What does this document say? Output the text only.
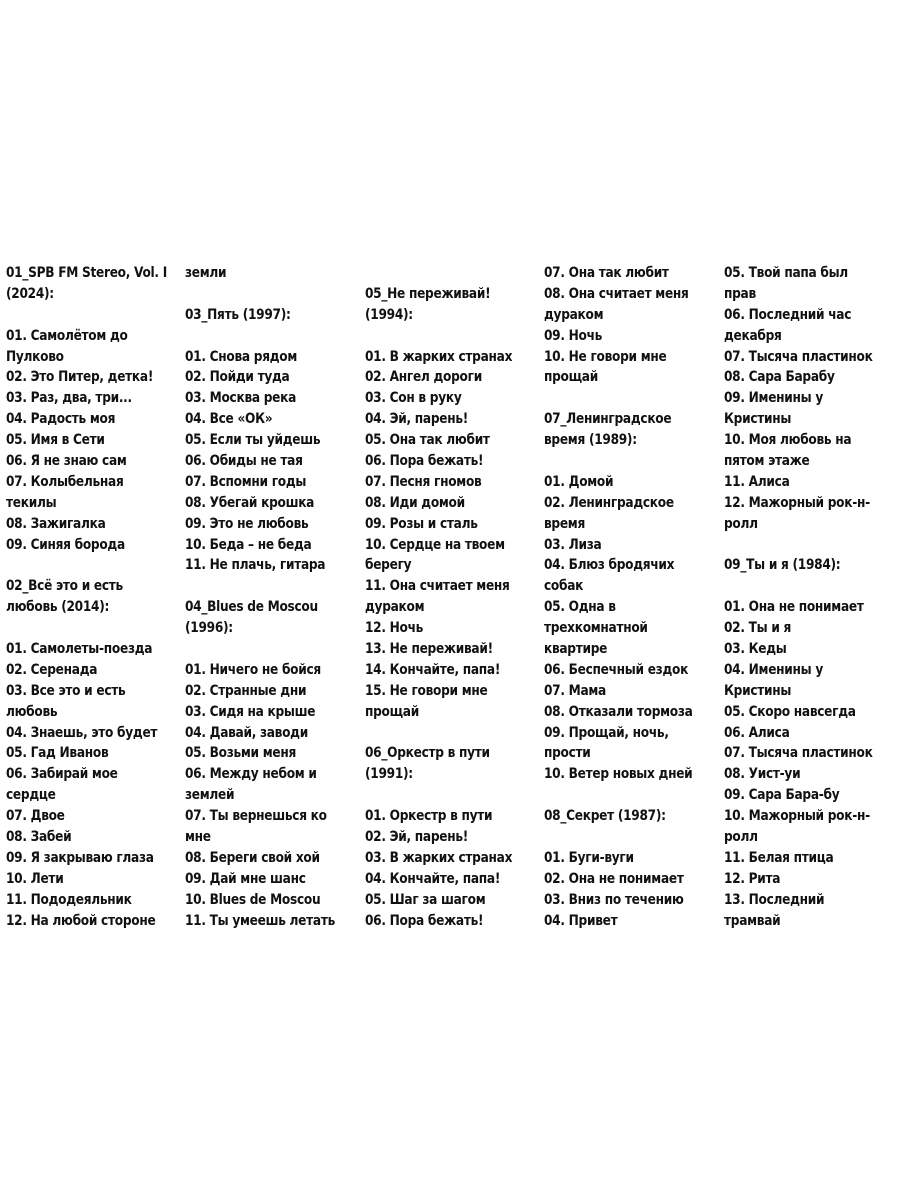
01_SPB FM Stereo, Vol. I
(2024):
01. Самолётом до
Пулково
02. Это Питер, детка!
03. Раз, два, три...
04. Радость моя
05. Имя в Сети
06. Я не знаю сам
07. Колыбельная
текилы
08. Зажигалка
09. Синяя борода
02_Всё это и есть
любовь (2014):
01. Самолеты-поезда
02. Серенада
03. Все это и есть
любовь
04. Знаешь, это будет
05. Гад Иванов
06. Забирай мое
сердце
07. Двое
08. Забей
09. Я закрываю глаза
10. Лети
11. Пододеяльник
12. На любой стороне
земли
03_Пять (1997):
01. Снова рядом
02. Пойди туда
03. Москва река
04. Все «ОК»
05. Если ты уйдешь
06. Обиды не тая
07. Вспомни годы
08. Убегай крошка
09. Это не любовь
10. Беда – не беда
11. Не плачь, гитара
04_Blues de Moscou
(1996):
01. Ничего не бойся
02. Странные дни
03. Сидя на крыше
04. Давай, заводи
05. Возьми меня
06. Между небом и
землей
07. Ты вернешься ко
мне
08. Береги свой хой
09. Дай мне шанс
10. Blues de Moscou
11. Ты умеешь летать
05_Не переживай!
(1994):
01. В жарких странах
02. Ангел дороги
03. Сон в руку
04. Эй, парень!
05. Она так любит
06. Пора бежать!
07. Песня гномов
08. Иди домой
09. Розы и сталь
10. Сердце на твоем
берегу
11. Она считает меня
дураком
12. Ночь
13. Не переживай!
14. Кончайте, папа!
15. Не говори мне
прощай
06_Оркестр в пути
(1991):
01. Оркестр в пути
02. Эй, парень!
03. В жарких странах
04. Кончайте, папа!
05. Шаг за шагом
06. Пора бежать!
07. Она так любит
08. Она считает меня
дураком
09. Ночь
10. Не говори мне
прощай
07_Ленинградское
время (1989):
01. Домой
02. Ленинградское
время
03. Лиза
04. Блюз бродячих
собак
05. Одна в
трехкомнатной
квартире
06. Беспечный ездок
07. Мама
08. Отказали тормоза
09. Прощай, ночь,
прости
10. Ветер новых дней
08_Секрет (1987):
01. Буги-вуги
02. Она не понимает
03. Вниз по течению
04. Привет
05. Твой папа был
прав
06. Последний час
декабря
07. Тысяча пластинок
08. Сара Барабу
09. Именины у
Кристины
10. Моя любовь на
пятом этаже
11. Алиса
12. Мажорный рок-н-
ролл
09_Ты и я (1984):
01. Она не понимает
02. Ты и я
03. Кеды
04. Именины у
Кристины
05. Скоро навсегда
06. Алиса
07. Тысяча пластинок
08. Уист-уи
09. Сара Бара-бу
10. Мажорный рок-н-
ролл
11. Белая птица
12. Рита
13. Последний
трамвай
